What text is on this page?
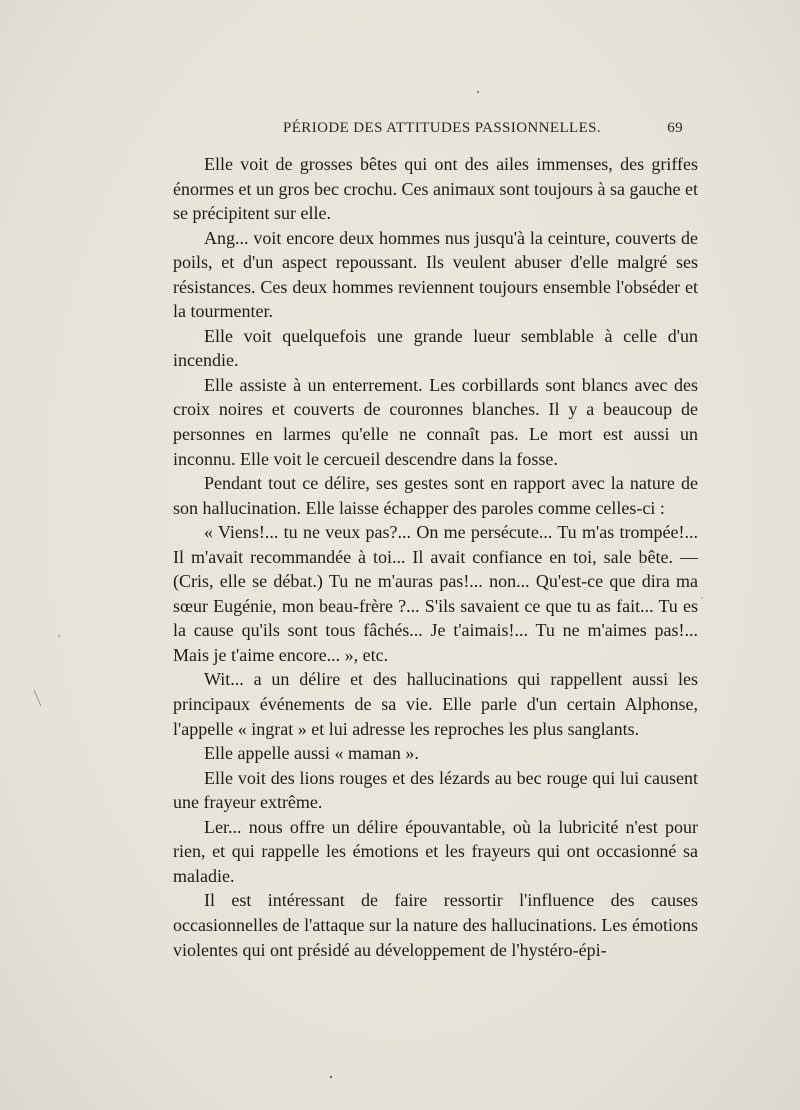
PÉRIODE DES ATTITUDES PASSIONNELLES.	69

Elle voit de grosses bêtes qui ont des ailes immenses, des griffes énormes et un gros bec crochu. Ces animaux sont toujours à sa gauche et se précipitent sur elle.

Ang... voit encore deux hommes nus jusqu'à la ceinture, couverts de poils, et d'un aspect repoussant. Ils veulent abuser d'elle malgré ses résistances. Ces deux hommes reviennent toujours ensemble l'obséder et la tourmenter.

Elle voit quelquefois une grande lueur semblable à celle d'un incendie.

Elle assiste à un enterrement. Les corbillards sont blancs avec des croix noires et couverts de couronnes blanches. Il y a beaucoup de personnes en larmes qu'elle ne connaît pas. Le mort est aussi un inconnu. Elle voit le cercueil descendre dans la fosse.

Pendant tout ce délire, ses gestes sont en rapport avec la nature de son hallucination. Elle laisse échapper des paroles comme celles-ci :

« Viens!... tu ne veux pas?... On me persécute... Tu m'as trompée!... Il m'avait recommandée à toi... Il avait confiance en toi, sale bête. — (Cris, elle se débat.) Tu ne m'auras pas!... non... Qu'est-ce que dira ma sœur Eugénie, mon beau-frère ?... S'ils savaient ce que tu as fait... Tu es la cause qu'ils sont tous fâchés... Je t'aimais!... Tu ne m'aimes pas!... Mais je t'aime encore... », etc.

Wit... a un délire et des hallucinations qui rappellent aussi les principaux événements de sa vie. Elle parle d'un certain Alphonse, l'appelle « ingrat » et lui adresse les reproches les plus sanglants.

Elle appelle aussi « maman ».

Elle voit des lions rouges et des lézards au bec rouge qui lui causent une frayeur extrême.

Ler... nous offre un délire épouvantable, où la lubricité n'est pour rien, et qui rappelle les émotions et les frayeurs qui ont occasionné sa maladie.

Il est intéressant de faire ressortir l'influence des causes occasionnelles de l'attaque sur la nature des hallucinations. Les émotions violentes qui ont présidé au développement de l'hystéro-épi-
